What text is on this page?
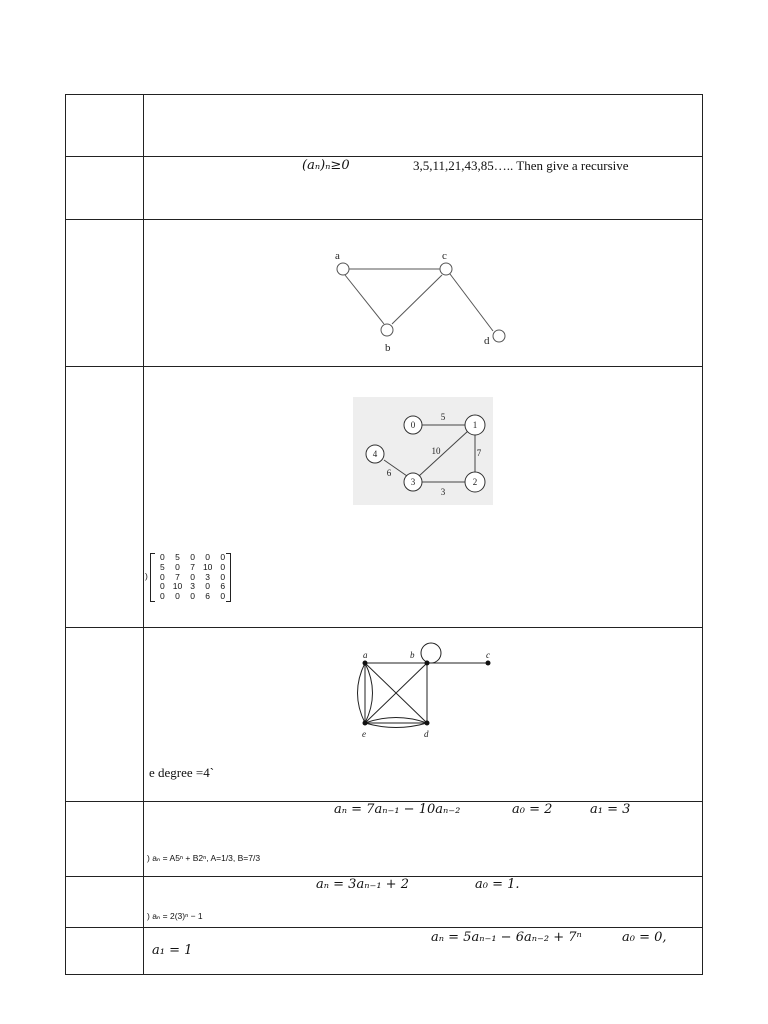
(aₙ)ₙ≥0	3,5,11,21,43,85….. Then give a recursive
a
b
c
d
0	1
2
3
4
5
10	7
3
6
)
0	5	0	0	0
5	0	7	10	0
0	7	0	3	0
0	10	3	0	6
0	0	0	6	0
a	b	c
e	d
e degree =4`
aₙ = 7aₙ₋₁ − 10aₙ₋₂	a₀ = 2	a₁ = 3
) aₙ = A5ⁿ + B2ⁿ, A=1/3, B=7/3
aₙ = 3aₙ₋₁ + 2	a₀ = 1.
) aₙ = 2(3)ⁿ − 1
aₙ = 5aₙ₋₁ − 6aₙ₋₂ + 7ⁿ	a₀ = 0,
a₁ = 1
